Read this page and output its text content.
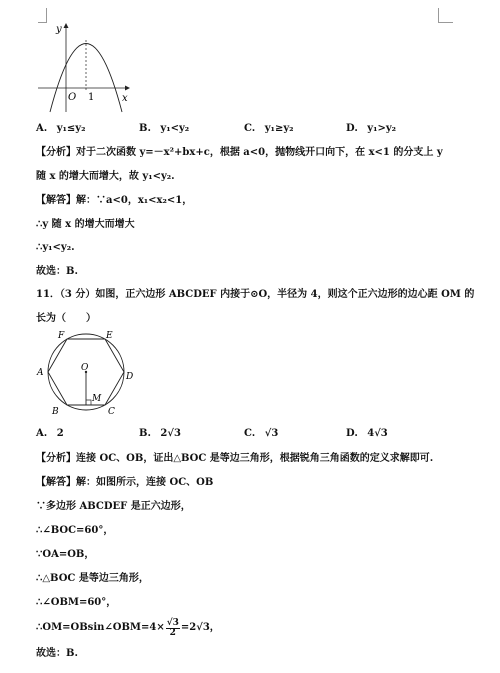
y
x
O 1
A. y₁≤y₂	B. y₁<y₂	C. y₁≥y₂	D. y₁>y₂
【分析】对于二次函数 y=－x²+bx+c，根据 a<0，抛物线开口向下，在 x<1 的分支上 y
随 x 的增大而增大，故 y₁<y₂.
【解答】解：∵a<0，x₁<x₂<1，
∴y 随 x 的增大而增大
∴y₁<y₂.
故选：B.
11．（3 分）如图，正六边形 ABCDEF 内接于⊙O，半径为 4，则这个正六边形的边心距 OM 的
长为（　　）
F	E
A	D
O
M
B	C
A. 2	B. 2√3	C. √3	D. 4√3
【分析】连接 OC、OB，证出△BOC 是等边三角形，根据锐角三角函数的定义求解即可.
【解答】解：如图所示，连接 OC、OB
∵多边形 ABCDEF 是正六边形，
∴∠BOC=60°，
∵OA=OB，
∴△BOC 是等边三角形，
∴∠OBM=60°，
∴OM=OBsin∠OBM=4× $\frac{√3}{2} =2√3$，
故选：B.
